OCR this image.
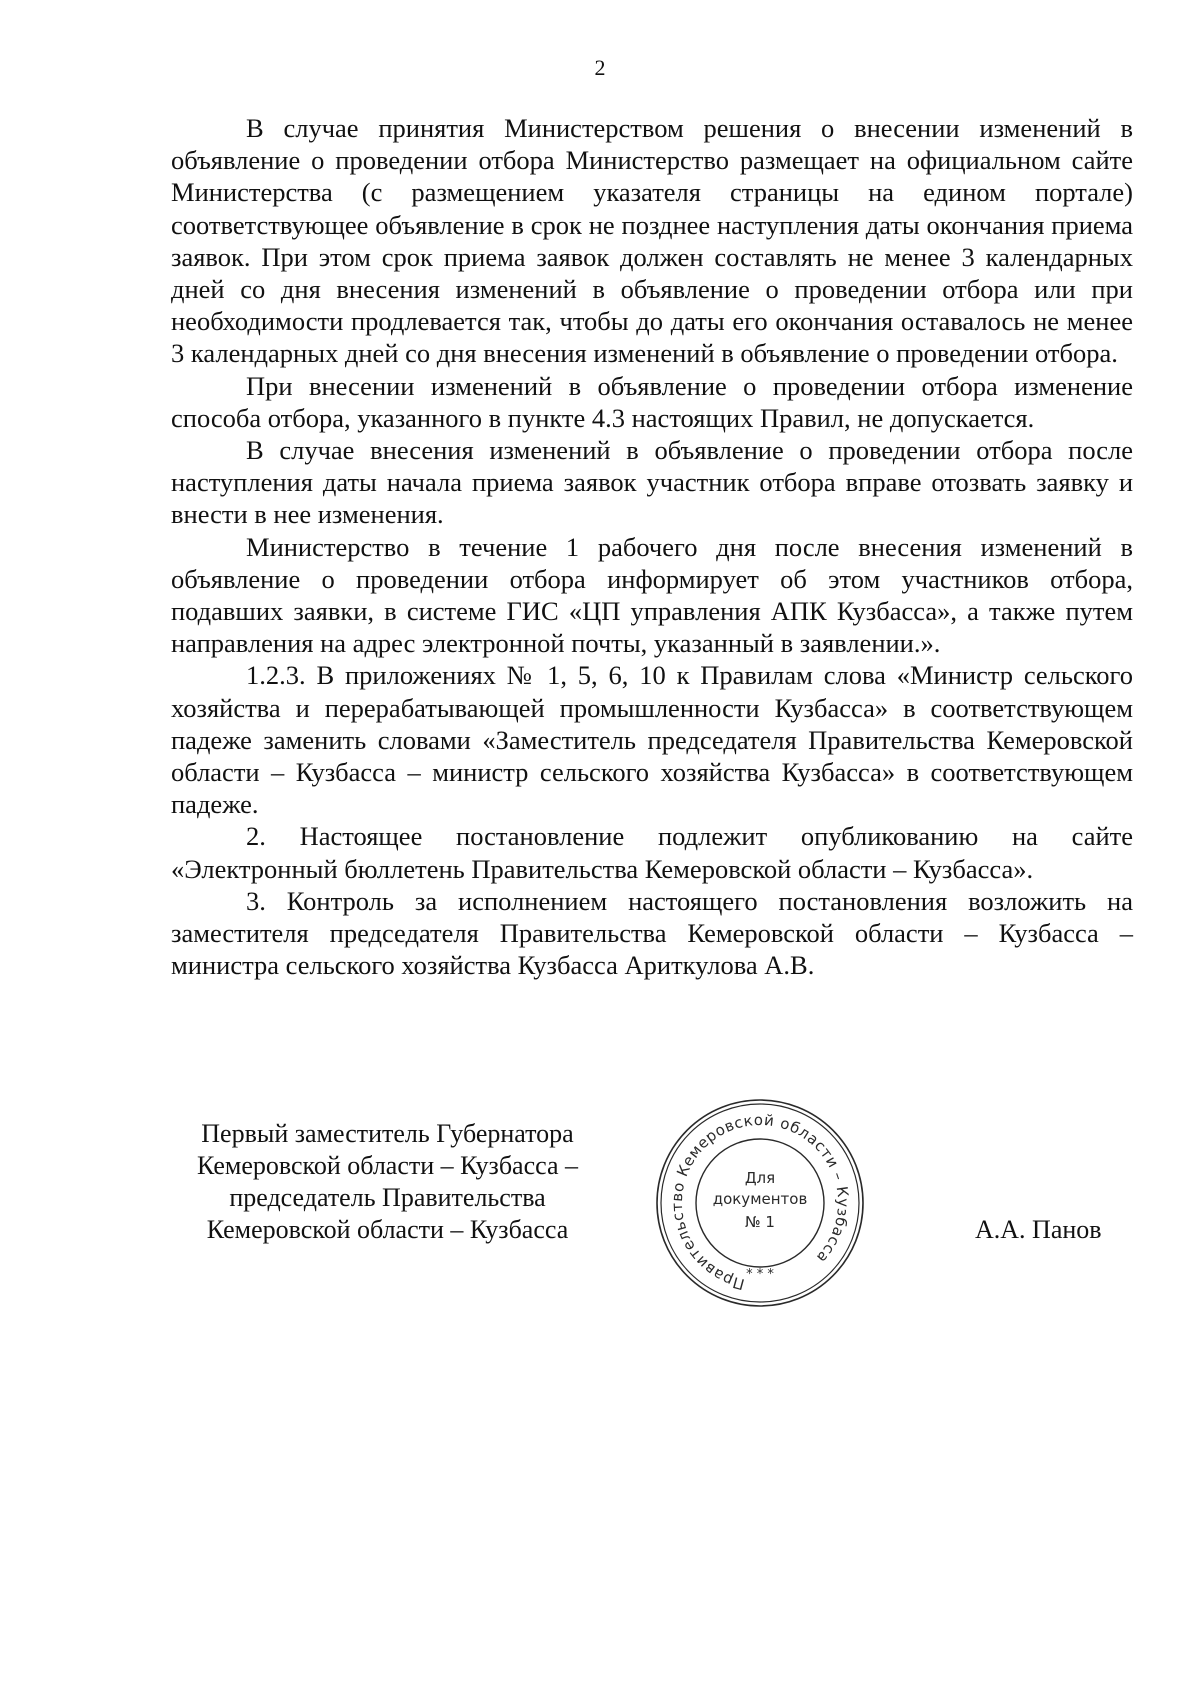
2

В случае принятия Министерством решения о внесении изменений в объявление о проведении отбора Министерство размещает на официальном сайте Министерства (с размещением указателя страницы на едином портале) соответствующее объявление в срок не позднее наступления даты окончания приема заявок. При этом срок приема заявок должен составлять не менее 3 календарных дней со дня внесения изменений в объявление о проведении отбора или при необходимости продлевается так, чтобы до даты его окончания оставалось не менее 3 календарных дней со дня внесения изменений в объявление о проведении отбора.

При внесении изменений в объявление о проведении отбора изменение способа отбора, указанного в пункте 4.3 настоящих Правил, не допускается.

В случае внесения изменений в объявление о проведении отбора после наступления даты начала приема заявок участник отбора вправе отозвать заявку и внести в нее изменения.

Министерство в течение 1 рабочего дня после внесения изменений в объявление о проведении отбора информирует об этом участников отбора, подавших заявки, в системе ГИС «ЦП управления АПК Кузбасса», а также путем направления на адрес электронной почты, указанный в заявлении.».

1.2.3. В приложениях № 1, 5, 6, 10 к Правилам слова «Министр сельского хозяйства и перерабатывающей промышленности Кузбасса» в соответствующем падеже заменить словами «Заместитель председателя Правительства Кемеровской области – Кузбасса – министр сельского хозяйства Кузбасса» в соответствующем падеже.

2. Настоящее постановление подлежит опубликованию на сайте «Электронный бюллетень Правительства Кемеровской области – Кузбасса».

3. Контроль за исполнением настоящего постановления возложить на заместителя председателя Правительства Кемеровской области – Кузбасса – министра сельского хозяйства Кузбасса Ариткулова А.В.

Первый заместитель Губернатора
Кемеровской области – Кузбасса –
председатель Правительства
Кемеровской области – Кузбасса
Правительство Кемеровской области – Кузбасса
* * *
Для
документов
№ 1	А.А. Панов
